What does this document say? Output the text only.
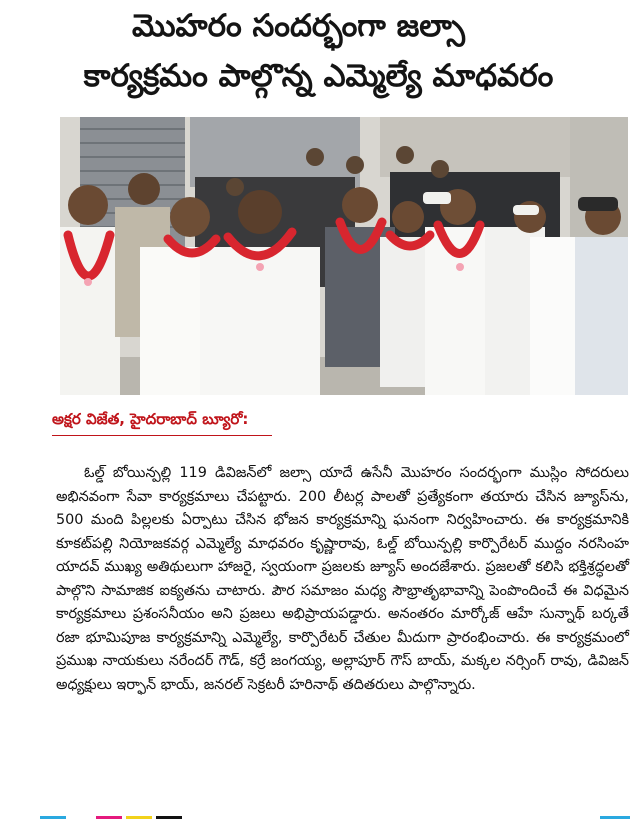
మొహరం సందర్భంగా జల్సా
కార్యక్రమం పాల్గొన్న ఎమ్మెల్యే మాధవరం
అక్షర విజేత, హైదరాబాద్ బ్యూరో:
ఓల్డ్ బోయిన్పల్లి 119 డివిజన్‌లో జల్సా యాదే ఉసేనీ మొహరం సందర్భంగా ముస్లిం సోదరులు అభినవంగా సేవా కార్యక్రమాలు చేపట్టారు. 200 లీటర్ల పాలతో ప్రత్యేకంగా తయారు చేసిన జ్యూస్‌ను, 500 మంది పిల్లలకు ఏర్పాటు చేసిన భోజన కార్యక్రమాన్ని ఘనంగా నిర్వహించారు. ఈ కార్యక్రమానికి కూకట్‌పల్లి నియోజకవర్గ ఎమ్మెల్యే మాధవరం కృష్ణారావు, ఓల్డ్ బోయిన్పల్లి కార్పొరేటర్ ముద్దం నరసింహ యాదవ్ ముఖ్య అతిథులుగా హాజరై, స్వయంగా ప్రజలకు జ్యూస్ అందజేశారు. ప్రజలతో కలిసి భక్తిశ్రద్ధలతో పాల్గొని సామాజిక ఐక్యతను చాటారు. పౌర సమాజం మధ్య సౌభ్రాతృభావాన్ని పెంపొందించే ఈ విధమైన కార్యక్రమాలు ప్రశంసనీయం అని ప్రజలు అభిప్రాయపడ్డారు. అనంతరం మార్కోజ్ ఆహే సున్నాథ్ బర్కతే రజా భూమిపూజ కార్యక్రమాన్ని ఎమ్మెల్యే, కార్పొరేటర్ చేతుల మీదుగా ప్రారంభించారు. ఈ కార్యక్రమంలో ప్రముఖ నాయకులు నరేందర్ గౌడ్, కర్రే జంగయ్య, అల్లాపూర్ గౌస్ బాయ్, మక్కల నర్సింగ్ రావు, డివిజన్ అధ్యక్షులు ఇర్ఫాన్ భాయ్, జనరల్ సెక్రటరీ హరినాథ్ తదితరులు పాల్గొన్నారు.
